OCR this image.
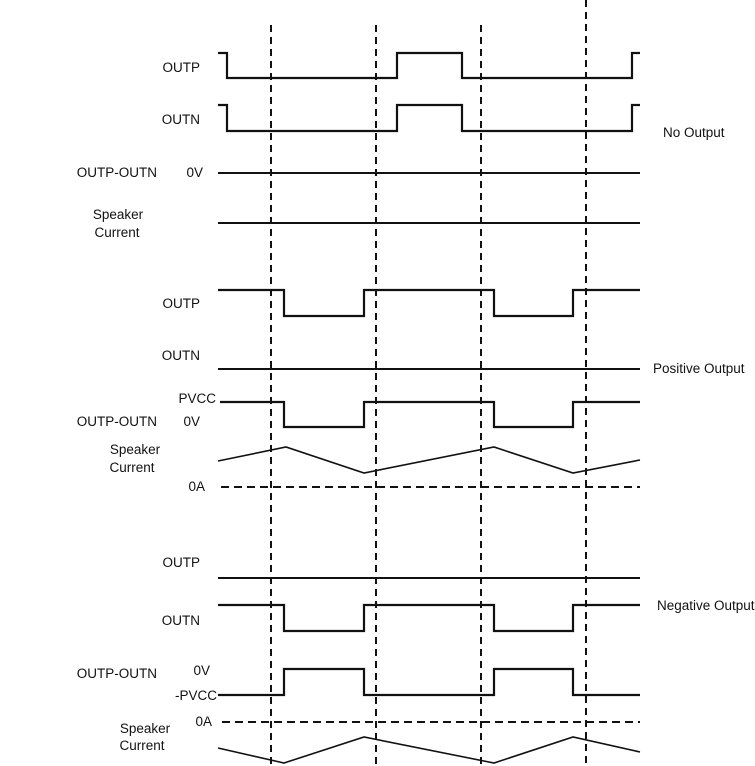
OUTP
OUTN
OUTP-OUTN 0V
Speaker
Current
No Output
OUTP
OUTN
PVCC
OUTP-OUTN 0V
Speaker
Current
0A
Positive Output
OUTP
OUTN
0V
OUTP-OUTN
-PVCC
0A
Speaker
Current
Negative Output
